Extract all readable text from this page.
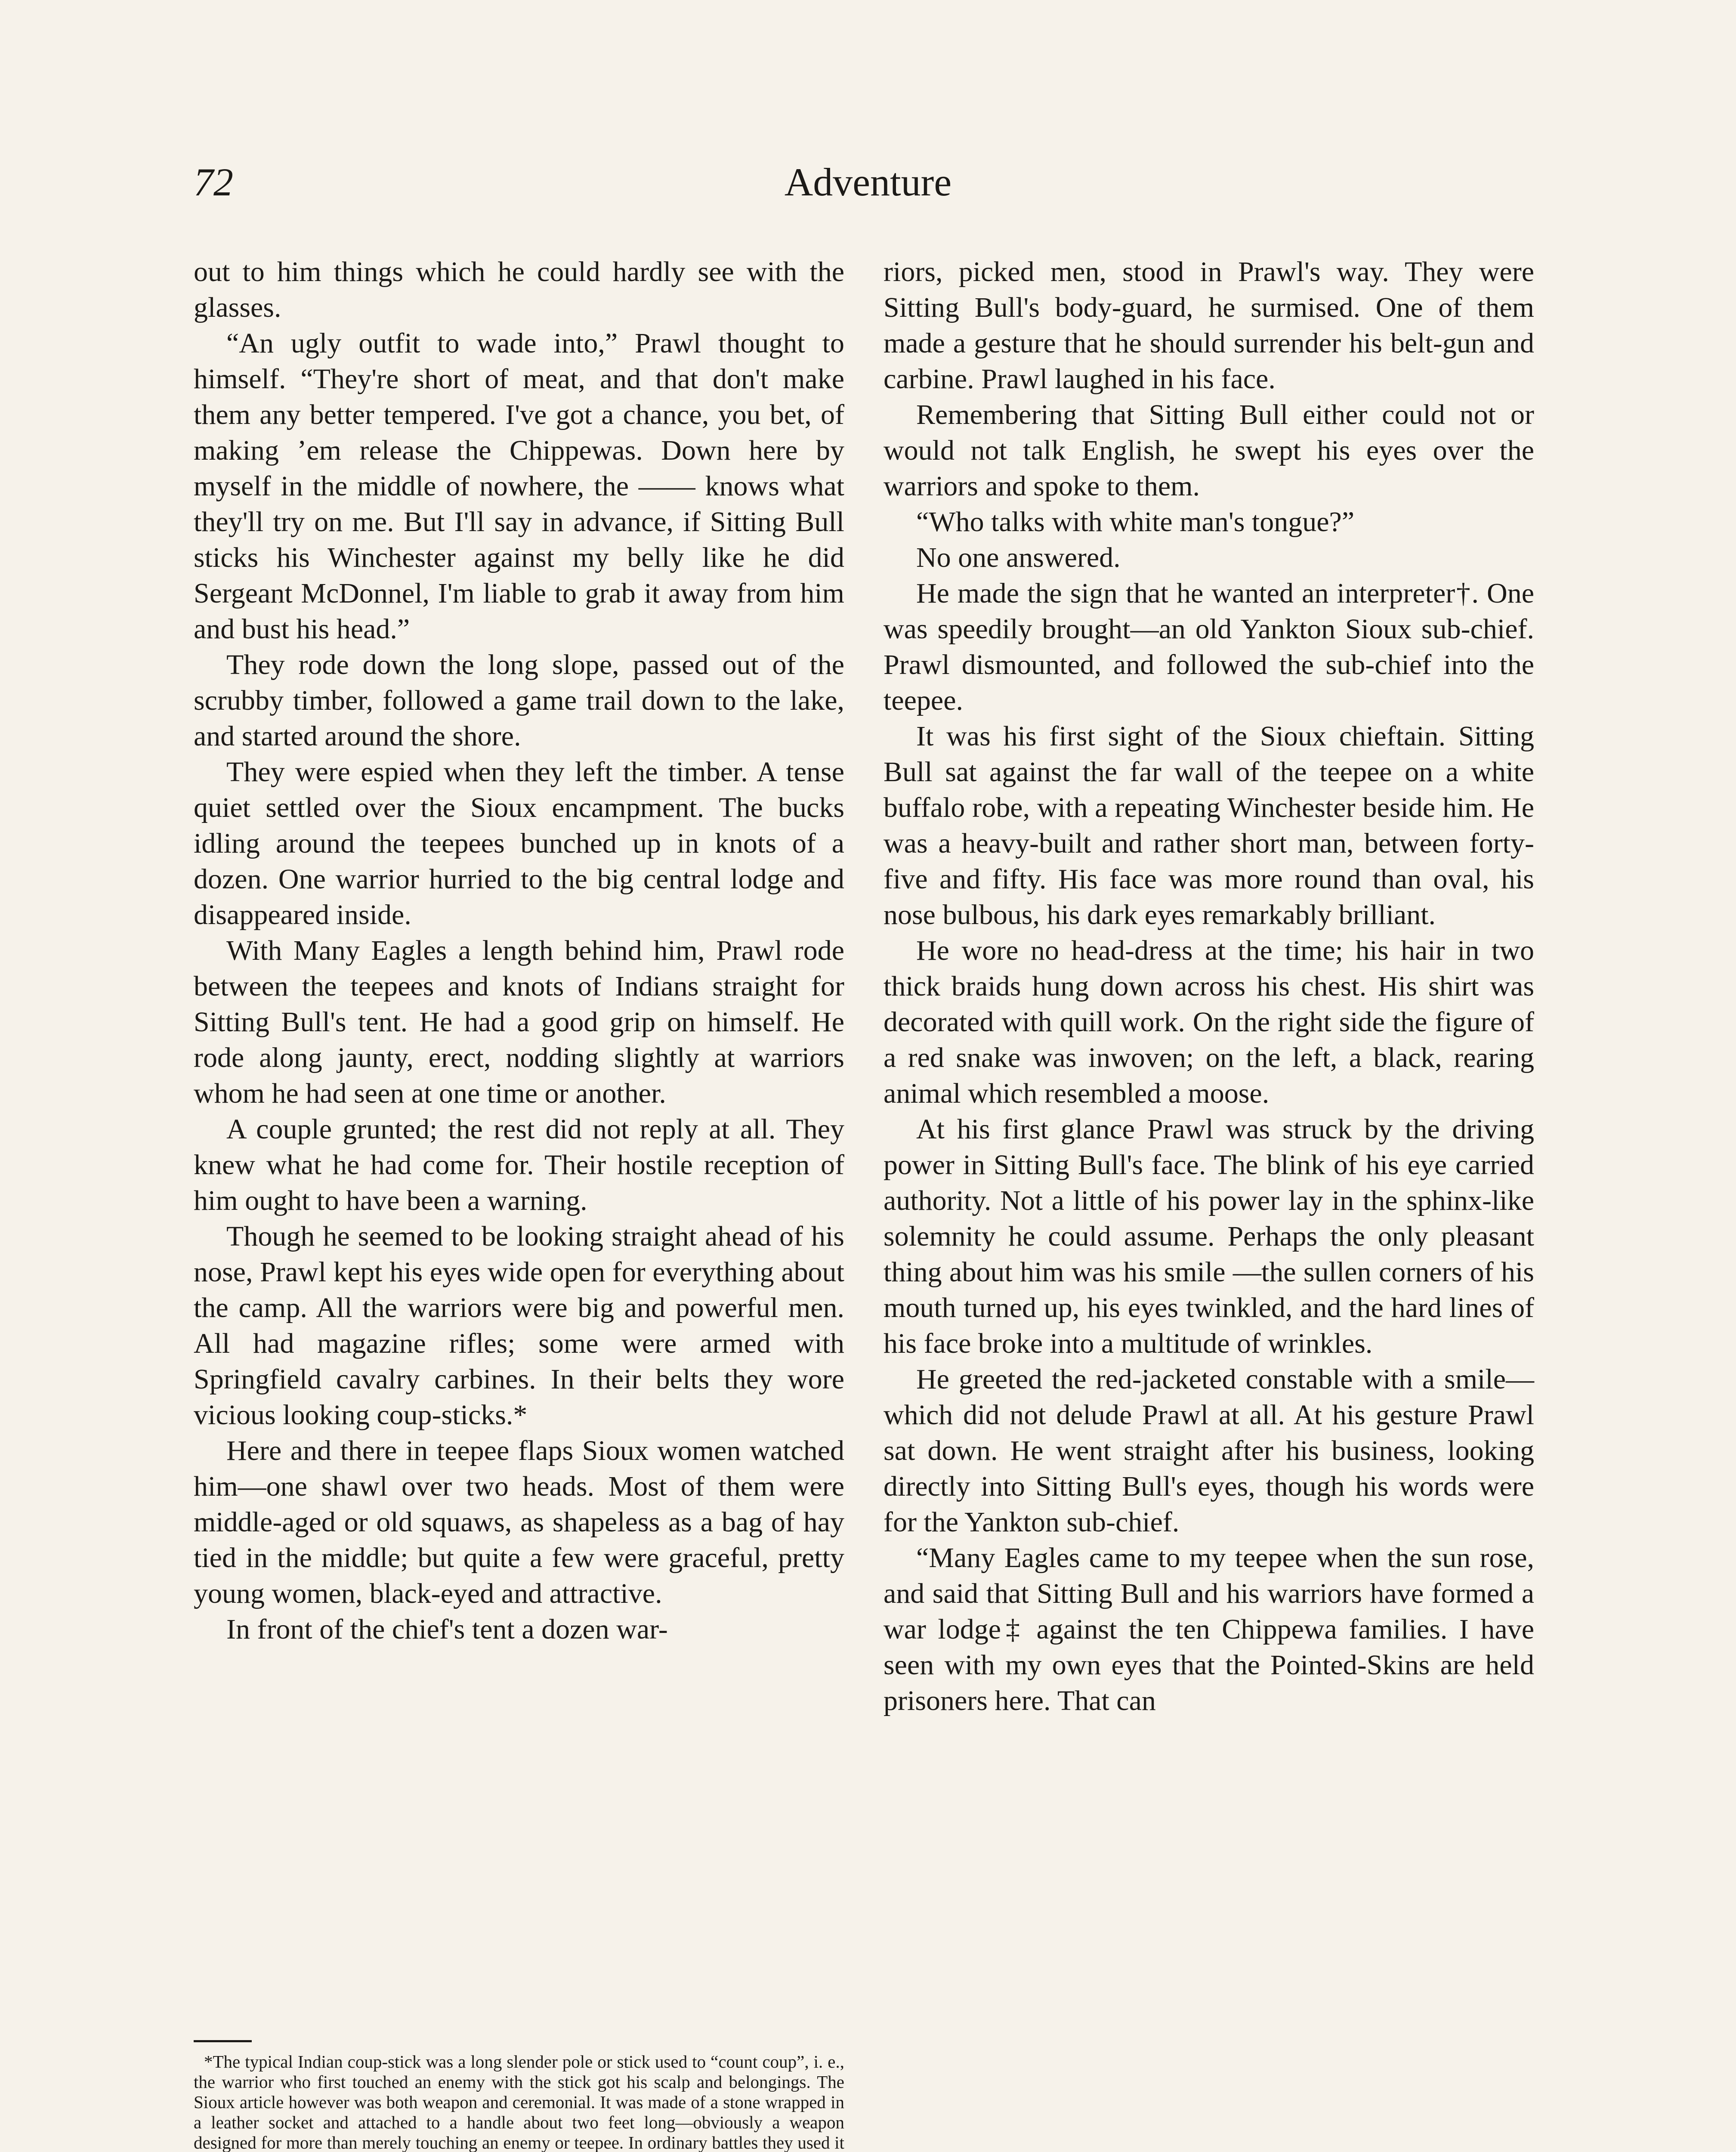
72	Adventure

out to him things which he could hardly see with the glasses.

“An ugly outfit to wade into,” Prawl thought to himself. “They're short of meat, and that don't make them any better tempered. I've got a chance, you bet, of making ’em release the Chippewas. Down here by myself in the middle of nowhere, the —— knows what they'll try on me. But I'll say in advance, if Sitting Bull sticks his Winchester against my belly like he did Sergeant McDonnel, I'm liable to grab it away from him and bust his head.”

They rode down the long slope, passed out of the scrubby timber, followed a game trail down to the lake, and started around the shore.

They were espied when they left the timber. A tense quiet settled over the Sioux encampment. The bucks idling around the teepees bunched up in knots of a dozen. One warrior hurried to the big central lodge and disappeared inside.

With Many Eagles a length behind him, Prawl rode between the teepees and knots of Indians straight for Sitting Bull's tent. He had a good grip on himself. He rode along jaunty, erect, nodding slightly at warriors whom he had seen at one time or another.

A couple grunted; the rest did not reply at all. They knew what he had come for. Their hostile reception of him ought to have been a warning.

Though he seemed to be looking straight ahead of his nose, Prawl kept his eyes wide open for everything about the camp. All the warriors were big and powerful men. All had magazine rifles; some were armed with Springfield cavalry carbines. In their belts they wore vicious looking coup-sticks.*

Here and there in teepee flaps Sioux women watched him—one shawl over two heads. Most of them were middle-aged or old squaws, as shapeless as a bag of hay tied in the middle; but quite a few were graceful, pretty young women, black-eyed and attractive.

In front of the chief's tent a dozen war-

riors, picked men, stood in Prawl's way. They were Sitting Bull's body-guard, he surmised. One of them made a gesture that he should surrender his belt-gun and carbine. Prawl laughed in his face.

Remembering that Sitting Bull either could not or would not talk English, he swept his eyes over the warriors and spoke to them.

“Who talks with white man's tongue?”

No one answered.

He made the sign that he wanted an interpreter†. One was speedily brought—an old Yankton Sioux sub-chief. Prawl dismounted, and followed the sub-chief into the teepee.

It was his first sight of the Sioux chieftain. Sitting Bull sat against the far wall of the teepee on a white buffalo robe, with a repeating Winchester beside him. He was a heavy-built and rather short man, between forty-five and fifty. His face was more round than oval, his nose bulbous, his dark eyes remarkably brilliant.

He wore no head-dress at the time; his hair in two thick braids hung down across his chest. His shirt was decorated with quill work. On the right side the figure of a red snake was inwoven; on the left, a black, rearing animal which resembled a moose.

At his first glance Prawl was struck by the driving power in Sitting Bull's face. The blink of his eye carried authority. Not a little of his power lay in the sphinx-like solemnity he could assume. Perhaps the only pleasant thing about him was his smile —the sullen corners of his mouth turned up, his eyes twinkled, and the hard lines of his face broke into a multitude of wrinkles.

He greeted the red-jacketed constable with a smile—which did not delude Prawl at all. At his gesture Prawl sat down. He went straight after his business, looking directly into Sitting Bull's eyes, though his words were for the Yankton sub-chief.

“Many Eagles came to my teepee when the sun rose, and said that Sitting Bull and his warriors have formed a war lodge‡ against the ten Chippewa families. I have seen with my own eyes that the Pointed-Skins are held prisoners here. That can

*The typical Indian coup-stick was a long slender pole or stick used to “count coup”, i. e., the warrior who first touched an enemy with the stick got his scalp and belongings. The Sioux article however was both weapon and ceremonial. It was made of a stone wrapped in a leather socket and attached to a handle about two feet long—obviously a weapon designed for more than merely touching an enemy or teepee. In ordinary battles they used it
